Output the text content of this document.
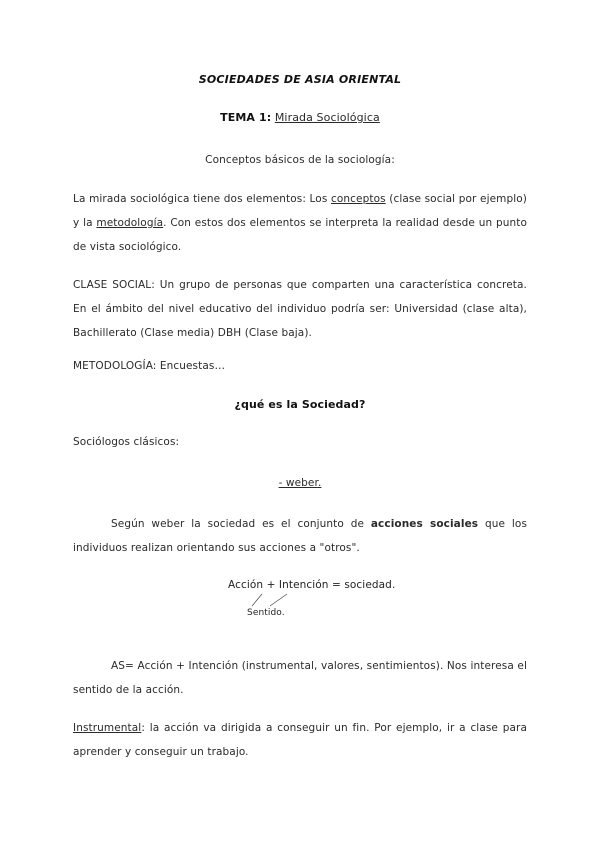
SOCIEDADES DE ASIA ORIENTAL
TEMA 1: Mirada Sociológica
Conceptos básicos de la sociología:
La mirada sociológica tiene dos elementos: Los conceptos (clase social por ejemplo) y la metodología. Con estos dos elementos se interpreta la realidad desde un punto de vista sociológico.
CLASE SOCIAL: Un grupo de personas que comparten una característica concreta. En el ámbito del nivel educativo del individuo podría ser: Universidad (clase alta), Bachillerato (Clase media) DBH (Clase baja).
METODOLOGÍA: Encuestas…
¿qué es la Sociedad?
Sociólogos clásicos:
- weber.
Según weber la sociedad es el conjunto de acciones sociales que los individuos realizan orientando sus acciones a "otros".
Acción + Intención = sociedad.
Sentido.
AS= Acción + Intención (instrumental, valores, sentimientos). Nos interesa el sentido de la acción.
Instrumental: la acción va dirigida a conseguir un fin. Por ejemplo, ir a clase para aprender y conseguir un trabajo.
